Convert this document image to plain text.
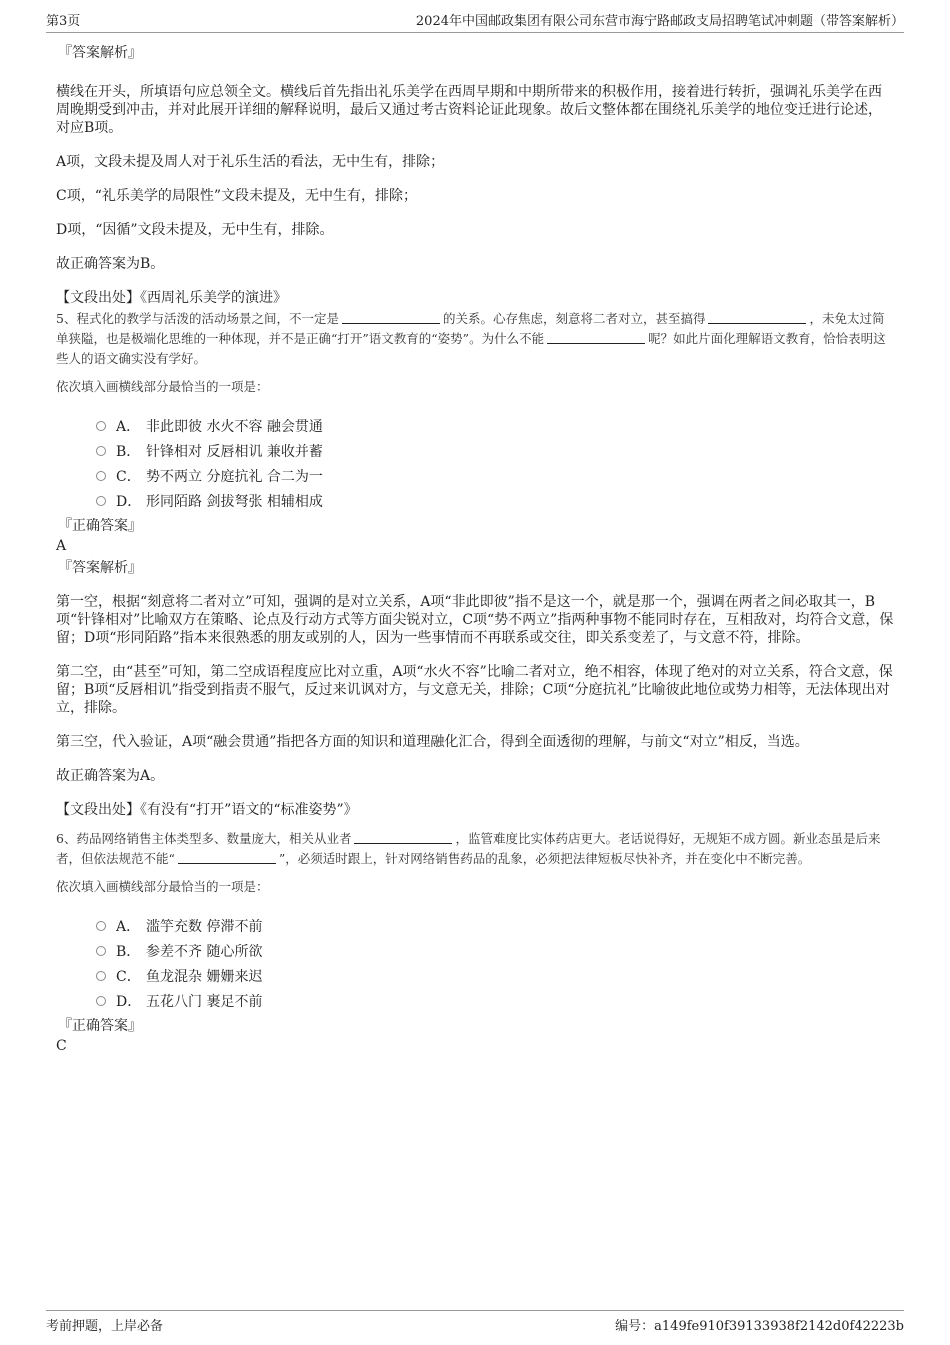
第3页	2024年中国邮政集团有限公司东营市海宁路邮政支局招聘笔试冲刺题（带答案解析）

『答案解析』

横线在开头，所填语句应总领全文。横线后首先指出礼乐美学在西周早期和中期所带来的积极作用，接着进行转折，强调礼乐美学在西周晚期受到冲击，并对此展开详细的解释说明，最后又通过考古资料论证此现象。故后文整体都在围绕礼乐美学的地位变迁进行论述，对应B项。

A项，文段未提及周人对于礼乐生活的看法，无中生有，排除；

C项，“礼乐美学的局限性”文段未提及，无中生有，排除；

D项，“因循”文段未提及，无中生有，排除。

故正确答案为B。

【文段出处】《西周礼乐美学的演进》

5、程式化的教学与活泼的活动场景之间，不一定是	的关系。心存焦虑，刻意将二者对立，甚至搞得	，未免太过简单狭隘，也是极端化思维的一种体现，并不是正确“打开”语文教育的“姿势”。为什么不能	呢？如此片面化理解语文教育，恰恰表明这些人的语文确实没有学好。

依次填入画横线部分最恰当的一项是：

A． 非此即彼 水火不容 融会贯通
B． 针锋相对 反唇相讥 兼收并蓄
C． 势不两立 分庭抗礼 合二为一
D． 形同陌路 剑拔弩张 相辅相成

『正确答案』

A

『答案解析』

第一空，根据“刻意将二者对立”可知，强调的是对立关系，A项“非此即彼”指不是这一个，就是那一个，强调在两者之间必取其一，B项“针锋相对”比喻双方在策略、论点及行动方式等方面尖锐对立，C项“势不两立”指两种事物不能同时存在，互相敌对，均符合文意，保留；D项“形同陌路”指本来很熟悉的朋友或别的人，因为一些事情而不再联系或交往，即关系变差了，与文意不符，排除。

第二空，由“甚至”可知，第二空成语程度应比对立重，A项“水火不容”比喻二者对立，绝不相容，体现了绝对的对立关系，符合文意，保留；B项“反唇相讥”指受到指责不服气，反过来讥讽对方，与文意无关，排除；C项“分庭抗礼”比喻彼此地位或势力相等，无法体现出对立，排除。

第三空，代入验证，A项“融会贯通”指把各方面的知识和道理融化汇合，得到全面透彻的理解，与前文“对立”相反，当选。

故正确答案为A。

【文段出处】《有没有“打开”语文的“标准姿势”》

6、药品网络销售主体类型多、数量庞大，相关从业者	，监管难度比实体药店更大。老话说得好，无规矩不成方圆。新业态虽是后来者，但依法规范不能“	”，必须适时跟上，针对网络销售药品的乱象，必须把法律短板尽快补齐，并在变化中不断完善。

依次填入画横线部分最恰当的一项是：

A． 滥竽充数 停滞不前
B． 参差不齐 随心所欲
C． 鱼龙混杂 姗姗来迟
D． 五花八门 裹足不前

『正确答案』

C

考前押题，上岸必备	编号：a149fe910f39133938f2142d0f42223b
